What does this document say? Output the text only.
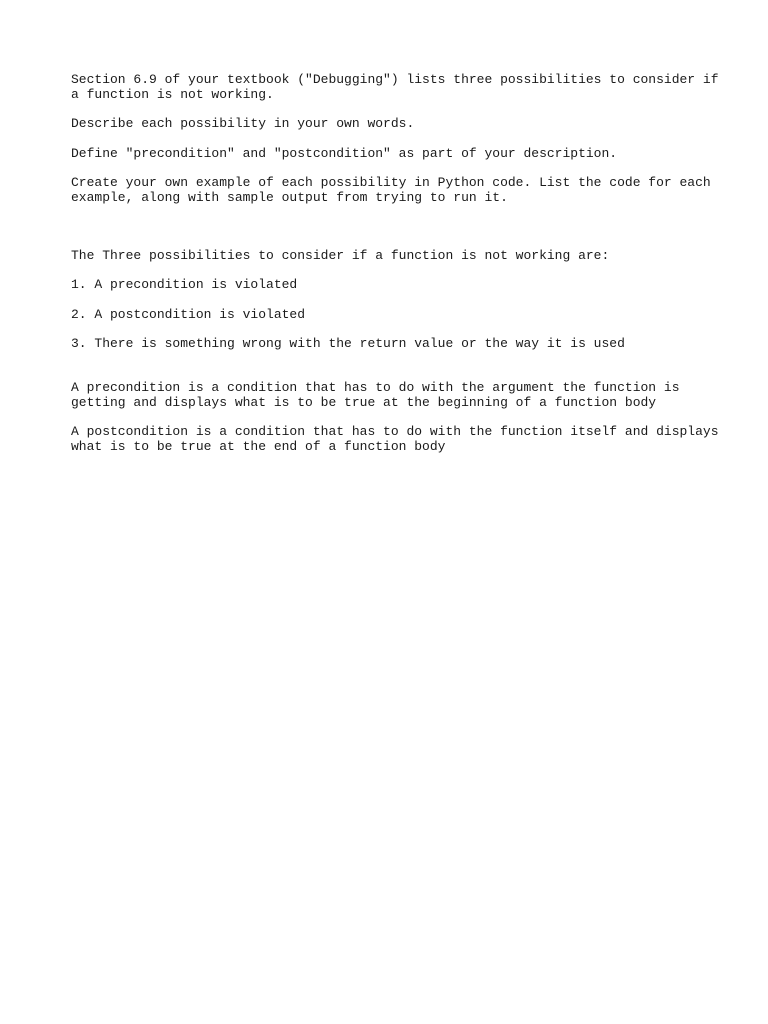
Section 6.9 of your textbook ("Debugging") lists three possibilities to consider if
a function is not working.

Describe each possibility in your own words.

Define "precondition" and "postcondition" as part of your description.

Create your own example of each possibility in Python code. List the code for each
example, along with sample output from trying to run it.

The Three possibilities to consider if a function is not working are:

1. A precondition is violated

2. A postcondition is violated

3. There is something wrong with the return value or the way it is used

A precondition is a condition that has to do with the argument the function is
getting and displays what is to be true at the beginning of a function body

A postcondition is a condition that has to do with the function itself and displays
what is to be true at the end of a function body
